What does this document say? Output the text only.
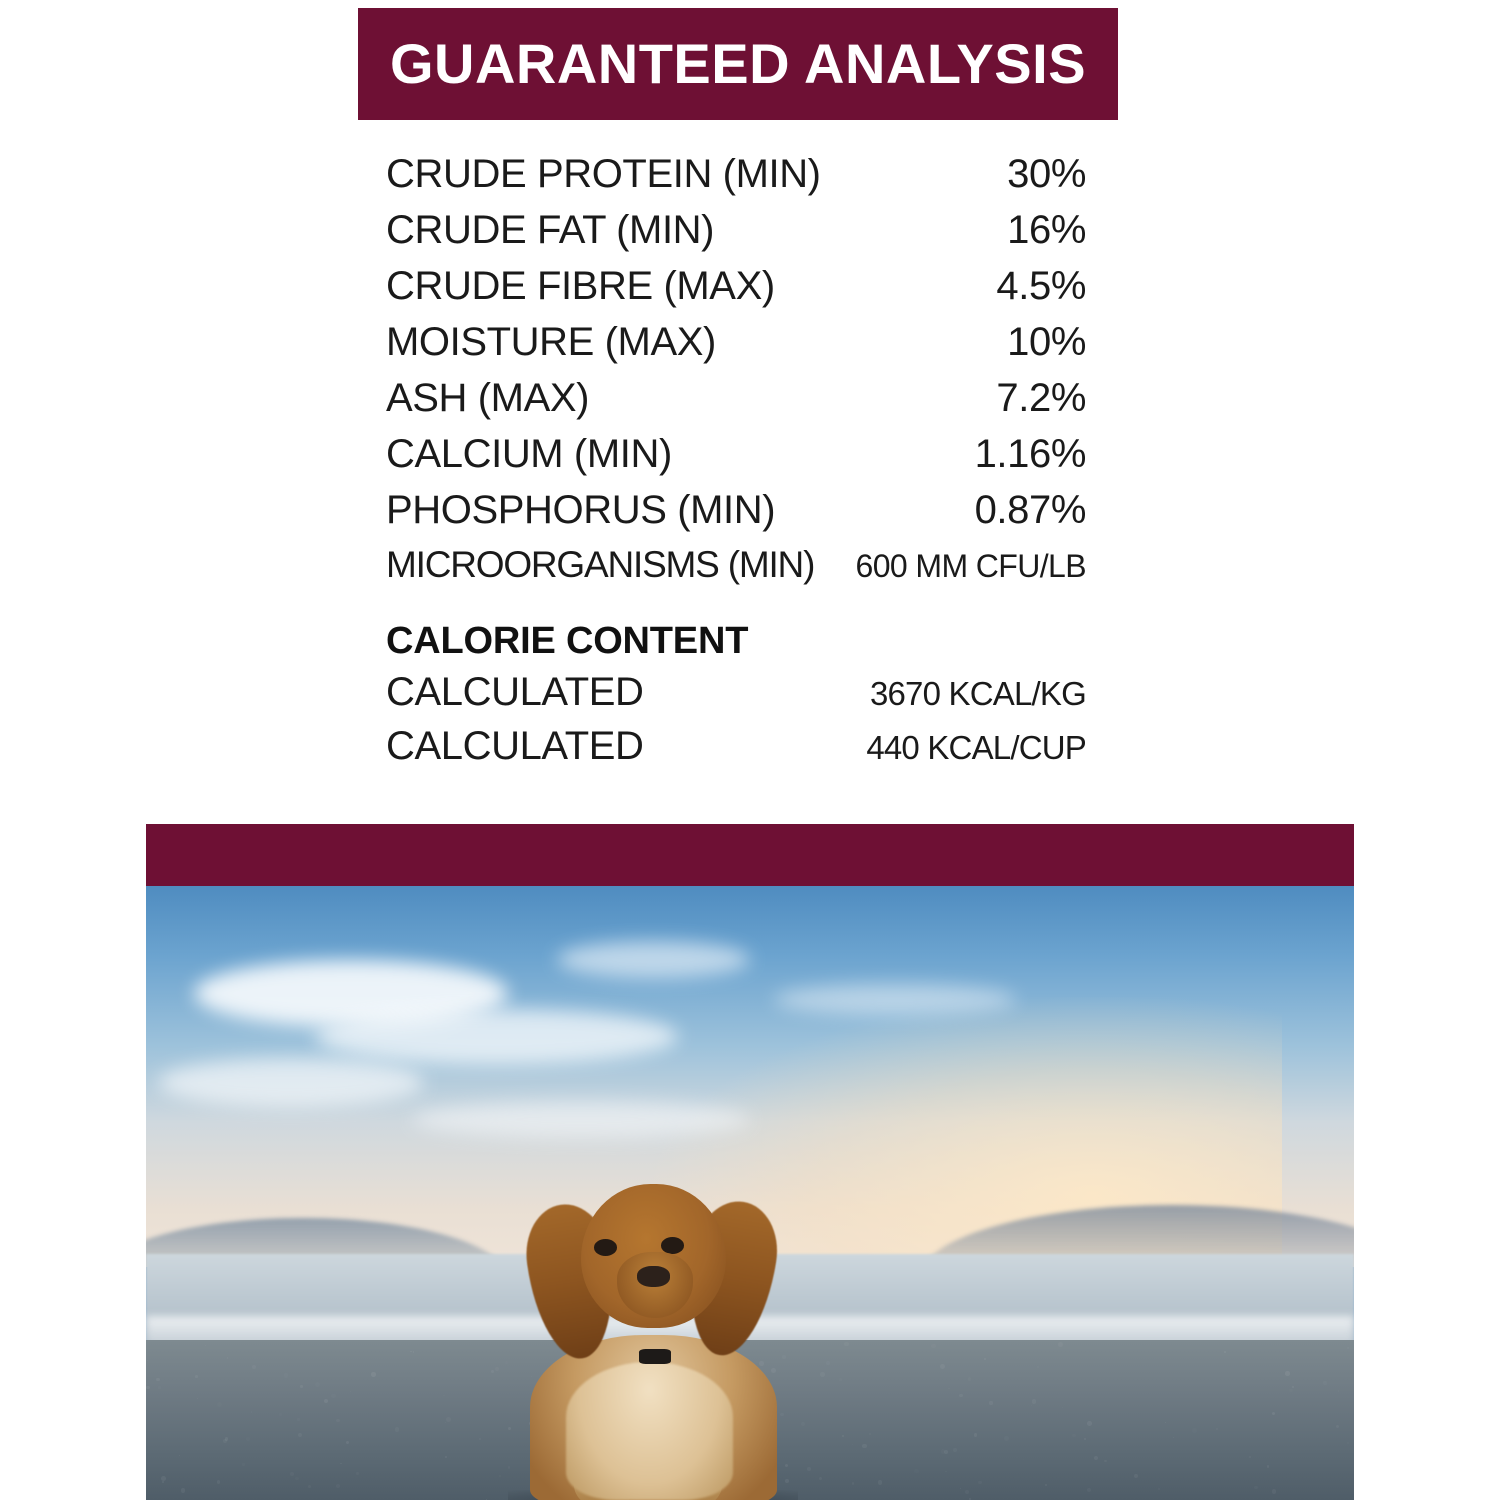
GUARANTEED ANALYSIS
CRUDE PROTEIN (MIN)	30%
CRUDE FAT (MIN)	16%
CRUDE FIBRE (MAX)	4.5%
MOISTURE (MAX)	10%
ASH (MAX)	7.2%
CALCIUM (MIN)	1.16%
PHOSPHORUS (MIN)	0.87%
MICROORGANISMS (MIN) 600 MM CFU/LB
CALORIE CONTENT
CALCULATED	3670 KCAL/KG
CALCULATED	440 KCAL/CUP
